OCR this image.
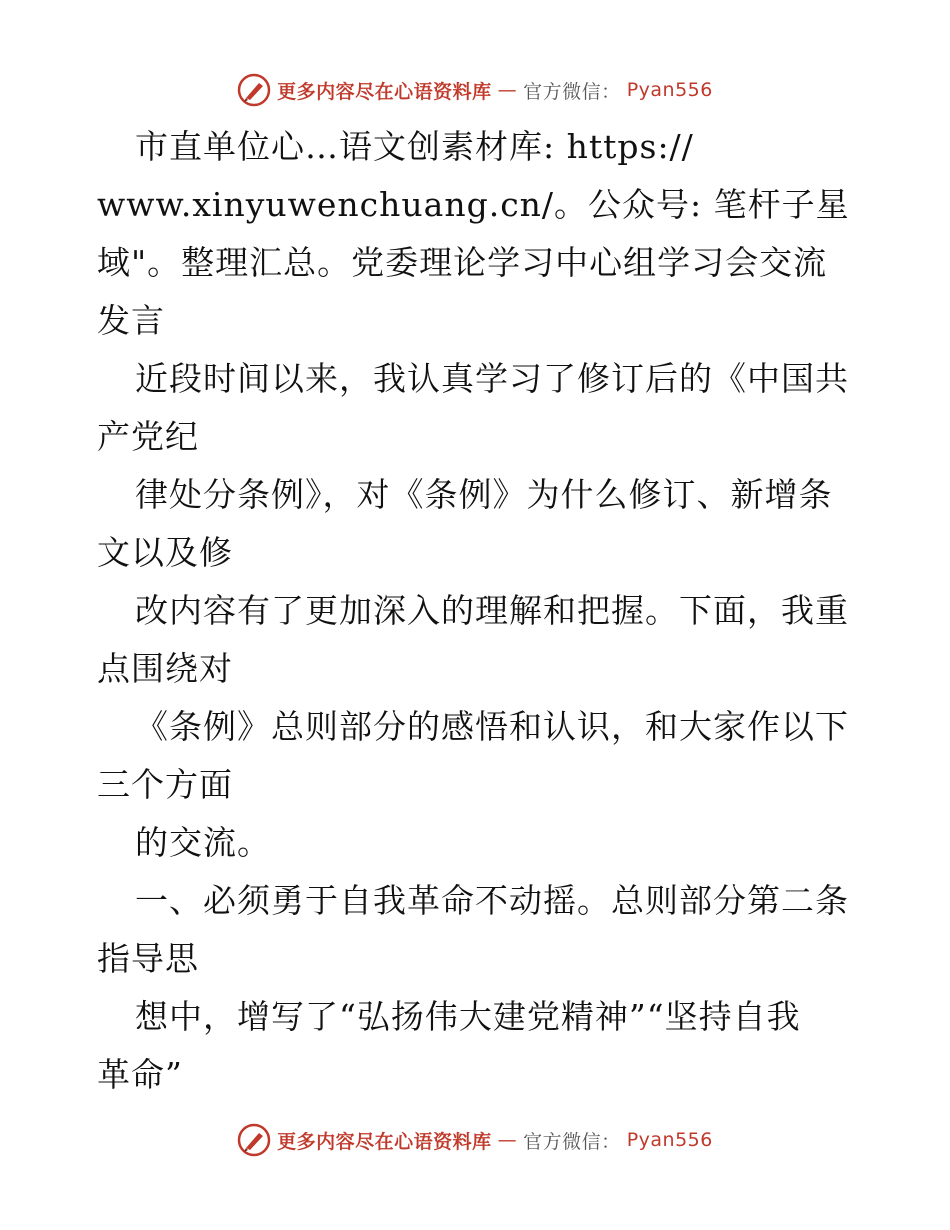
更多内容尽在心语资料库 — 官方微信： Pyan556
市直单位心…语文创素材库: https://
www.xinyuwenchuang.cn/。公众号: 笔杆子星
域"。整理汇总。党委理论学习中心组学习会交流
发言
近段时间以来，我认真学习了修订后的《中国共
产党纪
律处分条例》，对《条例》为什么修订、新增条
文以及修
改内容有了更加深入的理解和把握。下面，我重
点围绕对
《条例》总则部分的感悟和认识，和大家作以下
三个方面
的交流。
一、必须勇于自我革命不动摇。总则部分第二条
指导思
想中，增写了“弘扬伟大建党精神”“坚持自我
革命”
更多内容尽在心语资料库 — 官方微信： Pyan556
